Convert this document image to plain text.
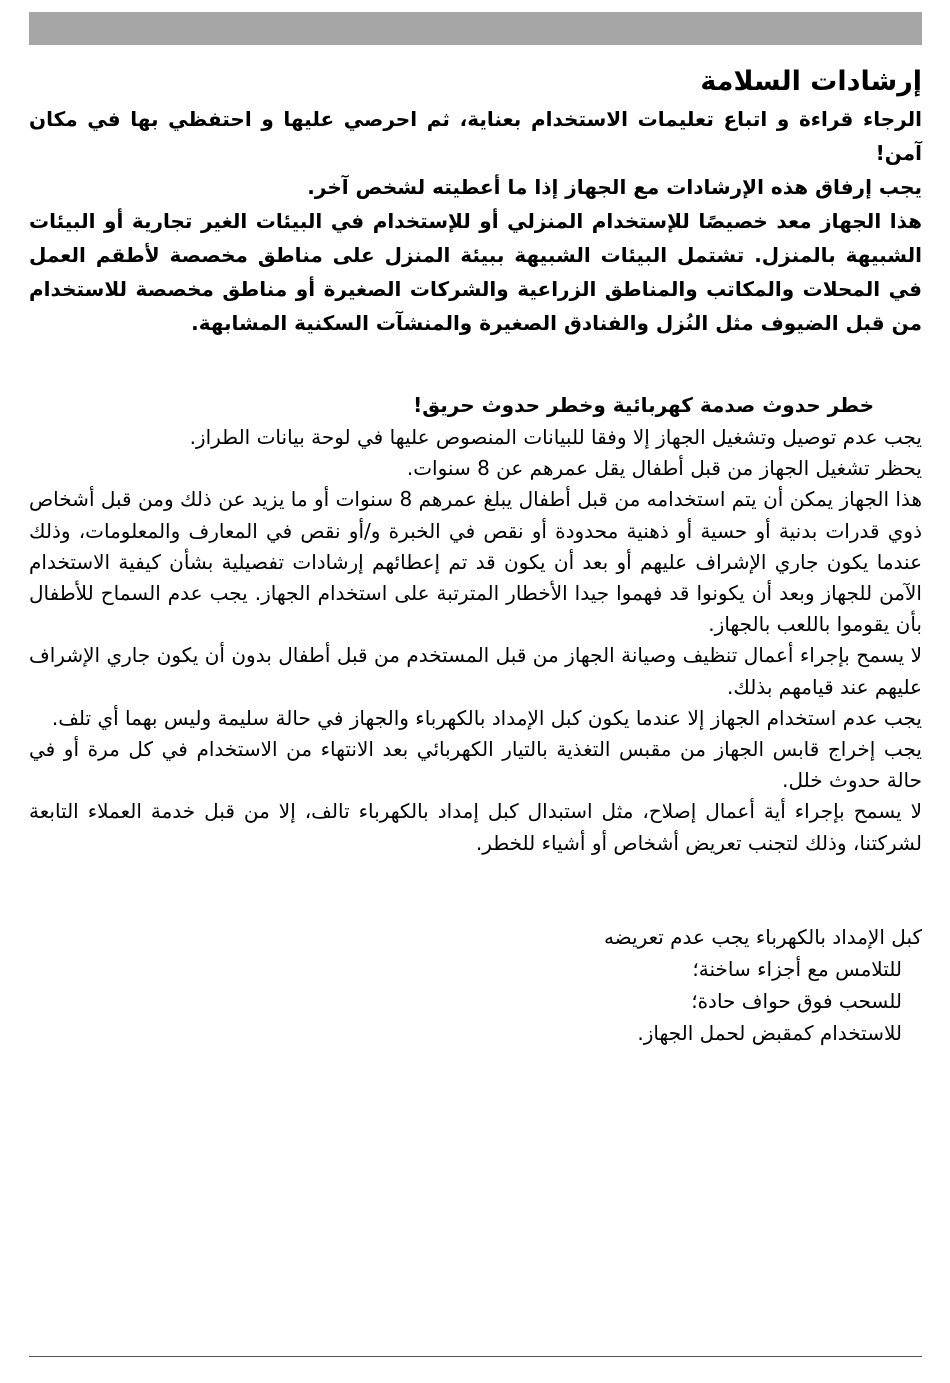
إرشادات السلامة

الرجاء قراءة و اتباع تعليمات الاستخدام بعناية، ثم احرصي عليها و احتفظي بها في مكان آمن!

يجب إرفاق هذه الإرشادات مع الجهاز إذا ما أعطيته لشخص آخر.

هذا الجهاز معد خصيصًا للإستخدام المنزلي أو للإستخدام في البيئات الغير تجارية أو البيئات الشبيهة بالمنزل. تشتمل البيئات الشبيهة ببيئة المنزل على مناطق مخصصة لأطقم العمل في المحلات والمكاتب والمناطق الزراعية والشركات الصغيرة أو مناطق مخصصة للاستخدام من قبل الضيوف مثل النُزل والفنادق الصغيرة والمنشآت السكنية المشابهة.

خطر حدوث صدمة كهربائية وخطر حدوث حريق!

يجب عدم توصيل وتشغيل الجهاز إلا وفقا للبيانات المنصوص عليها في لوحة بيانات الطراز.

يحظر تشغيل الجهاز من قبل أطفال يقل عمرهم عن 8 سنوات.

هذا الجهاز يمكن أن يتم استخدامه من قبل أطفال يبلغ عمرهم 8 سنوات أو ما يزيد عن ذلك ومن قبل أشخاص ذوي قدرات بدنية أو حسية أو ذهنية محدودة أو نقص في الخبرة و/أو نقص في المعارف والمعلومات، وذلك عندما يكون جاري الإشراف عليهم أو بعد أن يكون قد تم إعطائهم إرشادات تفصيلية بشأن كيفية الاستخدام الآمن للجهاز وبعد أن يكونوا قد فهموا جيدا الأخطار المترتبة على استخدام الجهاز. يجب عدم السماح للأطفال بأن يقوموا باللعب بالجهاز.

لا يسمح بإجراء أعمال تنظيف وصيانة الجهاز من قبل المستخدم من قبل أطفال بدون أن يكون جاري الإشراف عليهم عند قيامهم بذلك.

يجب عدم استخدام الجهاز إلا عندما يكون كبل الإمداد بالكهرباء والجهاز في حالة سليمة وليس بهما أي تلف.

يجب إخراج قابس الجهاز من مقبس التغذية بالتيار الكهربائي بعد الانتهاء من الاستخدام في كل مرة أو في حالة حدوث خلل.

لا يسمح بإجراء أية أعمال إصلاح، مثل استبدال كبل إمداد بالكهرباء تالف، إلا من قبل خدمة العملاء التابعة لشركتنا، وذلك لتجنب تعريض أشخاص أو أشياء للخطر.

كبل الإمداد بالكهرباء يجب عدم تعريضه

للتلامس مع أجزاء ساخنة؛
للسحب فوق حواف حادة؛
للاستخدام كمقبض لحمل الجهاز.
